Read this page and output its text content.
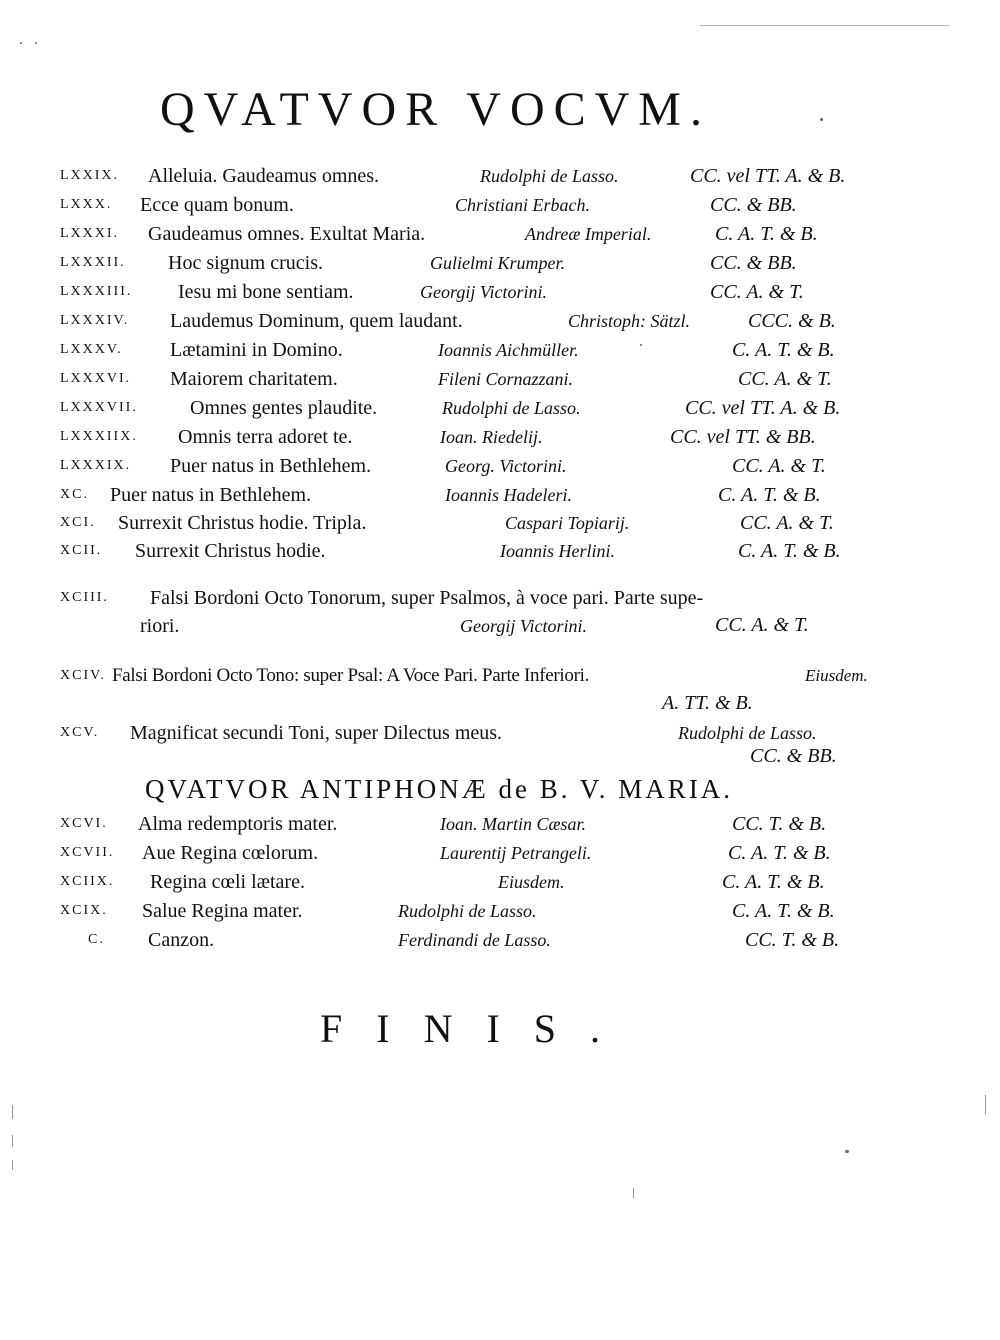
QVATVOR VOCVM.
LXXIX. Alleluia. Gaudeamus omnes.	Rudolphi de Lasso.	CC. vel TT. A. & B.
LXXX. Ecce quam bonum.	Christiani Erbach.	CC. & BB.
LXXXI. Gaudeamus omnes. Exultat Maria.	Andreæ Imperial.	C. A. T. & B.
LXXXII. Hoc signum crucis.	Gulielmi Krumper.	CC. & BB.
LXXXIII. Iesu mi bone sentiam.	Georgij Victorini.	CC. A. & T.
LXXXIV. Laudemus Dominum, quem laudant.	Christoph: Sätzl.	CCC. & B.
LXXXV. Lætamini in Domino.	Ioannis Aichmüller.	C. A. T. & B.
LXXXVI. Maiorem charitatem.	Fileni Cornazzani.	CC. A. & T.
LXXXVII.	Omnes gentes plaudite.	Rudolphi de Lasso.	CC. vel TT. A. & B.
LXXXIIX. Omnis terra adoret te.	Ioan. Riedelij.	CC. vel TT. & BB.
LXXXIX. Puer natus in Bethlehem.	Georg. Victorini.	CC. A. & T.
XC. Puer natus in Bethlehem.	Ioannis Hadeleri.	C. A. T. & B.
XCI. Surrexit Christus hodie. Tripla.	Caspari Topiarij.	CC. A. & T.
XCII. Surrexit Christus hodie.	Ioannis Herlini.	C. A. T. & B.
XCIII. Falsi Bordoni Octo Tonorum, super Psalmos, à voce pari. Parte supe-
riori.	Georgij Victorini.	CC. A. & T.
XCIV. Falsi Bordoni Octo Tono: super Psal: A Voce Pari. Parte Inferiori.	Eiusdem.
A. TT. & B.
XCV. Magnificat secundi Toni, super Dilectus meus.	Rudolphi de Lasso.
CC. & BB.
QVATVOR ANTIPHONÆ de B. V. MARIA.
XCVI. Alma redemptoris mater.	Ioan. Martin Cæsar.	CC. T. & B.
XCVII. Aue Regina cœlorum.	Laurentij Petrangeli.	C. A. T. & B.
XCIIX. Regina cœli lætare.	Eiusdem.	C. A. T. & B.
XCIX. Salue Regina mater.	Rudolphi de Lasso.	C. A. T. & B.
C. Canzon.	Ferdinandi de Lasso.	CC. T. & B.
FINIS.
